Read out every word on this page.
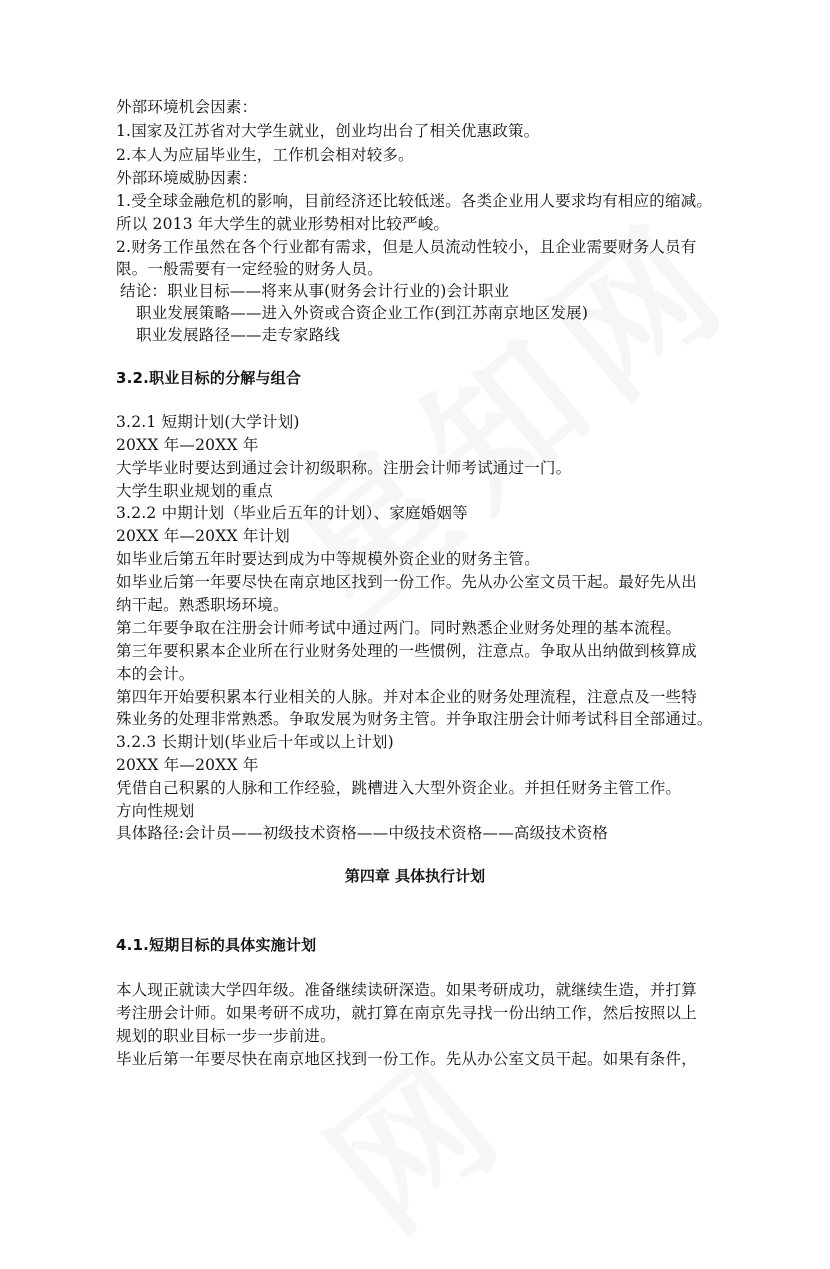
外部环境机会因素：
1.国家及江苏省对大学生就业，创业均出台了相关优惠政策。
2.本人为应届毕业生，工作机会相对较多。
外部环境威胁因素：
1.受全球金融危机的影响，目前经济还比较低迷。各类企业用人要求均有相应的缩减。
所以 2013 年大学生的就业形势相对比较严峻。
2.财务工作虽然在各个行业都有需求，但是人员流动性较小，且企业需要财务人员有
限。一般需要有一定经验的财务人员。
结论：职业目标——将来从事(财务会计行业的)会计职业
职业发展策略——进入外资或合资企业工作(到江苏南京地区发展)
职业发展路径——走专家路线
3.2.职业目标的分解与组合
3.2.1 短期计划(大学计划)
20XX 年—20XX 年
大学毕业时要达到通过会计初级职称。注册会计师考试通过一门。
大学生职业规划的重点
3.2.2 中期计划（毕业后五年的计划）、家庭婚姻等
20XX 年—20XX 年计划
如毕业后第五年时要达到成为中等规模外资企业的财务主管。
如毕业后第一年要尽快在南京地区找到一份工作。先从办公室文员干起。最好先从出
纳干起。熟悉职场环境。
第二年要争取在注册会计师考试中通过两门。同时熟悉企业财务处理的基本流程。
第三年要积累本企业所在行业财务处理的一些惯例，注意点。争取从出纳做到核算成
本的会计。
第四年开始要积累本行业相关的人脉。并对本企业的财务处理流程，注意点及一些特
殊业务的处理非常熟悉。争取发展为财务主管。并争取注册会计师考试科目全部通过。
3.2.3 长期计划(毕业后十年或以上计划)
20XX 年—20XX 年
凭借自己积累的人脉和工作经验，跳槽进入大型外资企业。并担任财务主管工作。
方向性规划
具体路径:会计员——初级技术资格——中级技术资格——高级技术资格
第四章 具体执行计划
4.1.短期目标的具体实施计划
本人现正就读大学四年级。准备继续读研深造。如果考研成功，就继续生造，并打算
考注册会计师。如果考研不成功，就打算在南京先寻找一份出纳工作，然后按照以上
规划的职业目标一步一步前进。
毕业后第一年要尽快在南京地区找到一份工作。先从办公室文员干起。如果有条件，
